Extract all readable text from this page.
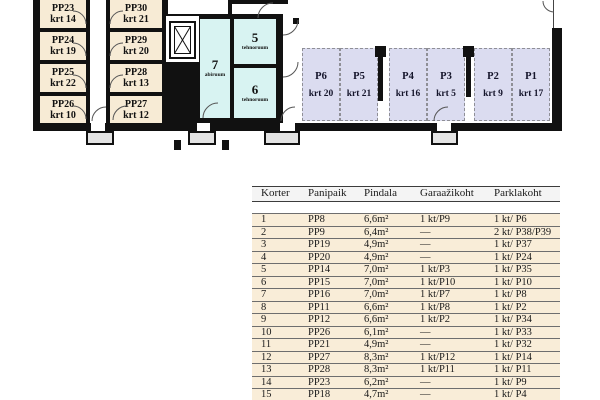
PP23
krt 14
PP24
krt 19
PP25
krt 22
PP26
krt 10
PP30
krt 21
PP29
krt 20
PP28
krt 13
PP27
krt 12
7
abiruum
5
tehnoruum
6
tehnoruum
P6
krt 20
P5
krt 21
P4
krt 16
P3
krt 5
P2
krt 9
P1
krt 17
Korter	Panipaik	Pindala	Garaažikoht	Parklakoht
1	PP8	6,6m²	1 kt/P9	1 kt/ P6
2	PP9	6,4m²	—	2 kt/ P38/P39
3	PP19	4,9m²	—	1 kt/ P37
4	PP20	4,9m²	—	1 kt/ P24
5	PP14	7,0m²	1 kt/P3	1 kt/ P35
6	PP15	7,0m²	1 kt/P10	1 kt/ P10
7	PP16	7,0m²	1 kt/P7	1 kt/ P8
8	PP11	6,6m²	1 kt/P8	1 kt/ P2
9	PP12	6,6m²	1 kt/P2	1 kt/ P34
10	PP26	6,1m²	—	1 kt/ P33
11	PP21	4,9m²	—	1 kt/ P32
12	PP27	8,3m²	1 kt/P12	1 kt/ P14
13	PP28	8,3m²	1 kt/P11	1 kt/ P11
14	PP23	6,2m²	—	1 kt/ P9
15	PP18	4,7m²	—	1 kt/ P4
